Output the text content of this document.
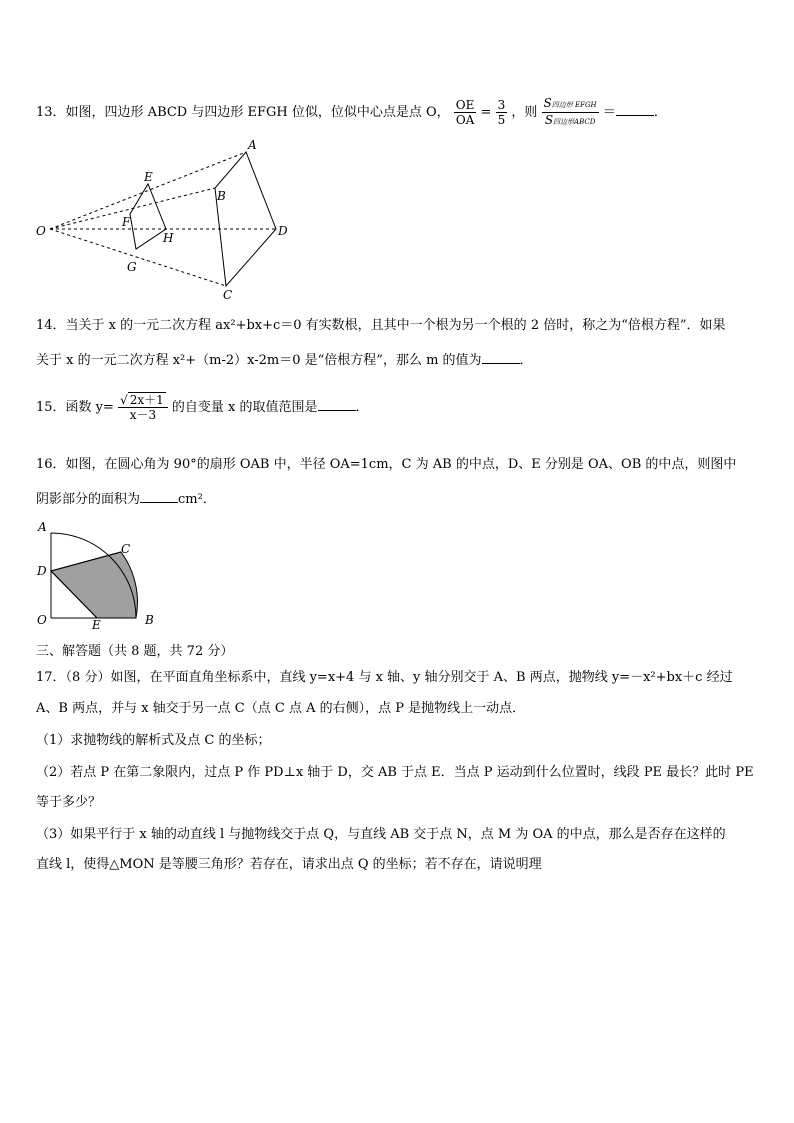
13．如图，四边形 ABCD 与四边形 EFGH 位似，位似中心点是点 O， $\frac{OE}{OA} = \frac{3}{5}$ ，则 $\frac{\text{S四边形 EFGH}}{\text{S四边形ABCD}}$ ＝	．
A
B
C
D
E
F
G
H
O
14．当关于 x 的一元二次方程 ax²+bx+c＝0 有实数根，且其中一个根为另一个根的 2 倍时，称之为“倍根方程”．如果
关于 x 的一元二次方程 x²+（m-2）x-2m＝0 是“倍根方程”，那么 m 的值为	．
15．函数 $y= \frac{√ 2x+1}{x-3}$ 的自变量 x 的取值范围是	．
16．如图，在圆心角为 90°的扇形 OAB 中，半径 OA=1cm，C 为 AB 的中点，D、E 分别是 OA、OB 的中点，则图中
阴影部分的面积为	cm²．
A
C
D
O	E	B
三、解答题（共 8 题，共 72 分）
17．（8 分）如图，在平面直角坐标系中，直线 y=x+4 与 x 轴、y 轴分别交于 A、B 两点，抛物线 y=－x²+bx＋c 经过
A、B 两点，并与 x 轴交于另一点 C（点 C 点 A 的右侧），点 P 是抛物线上一动点．
（1）求抛物线的解析式及点 C 的坐标；
（2）若点 P 在第二象限内，过点 P 作 PD⊥x 轴于 D，交 AB 于点 E．当点 P 运动到什么位置时，线段 PE 最长？此时 PE
等于多少？
（3）如果平行于 x 轴的动直线 l 与抛物线交于点 Q，与直线 AB 交于点 N，点 M 为 OA 的中点，那么是否存在这样的
直线 l，使得△MON 是等腰三角形？若存在，请求出点 Q 的坐标；若不存在，请说明理
